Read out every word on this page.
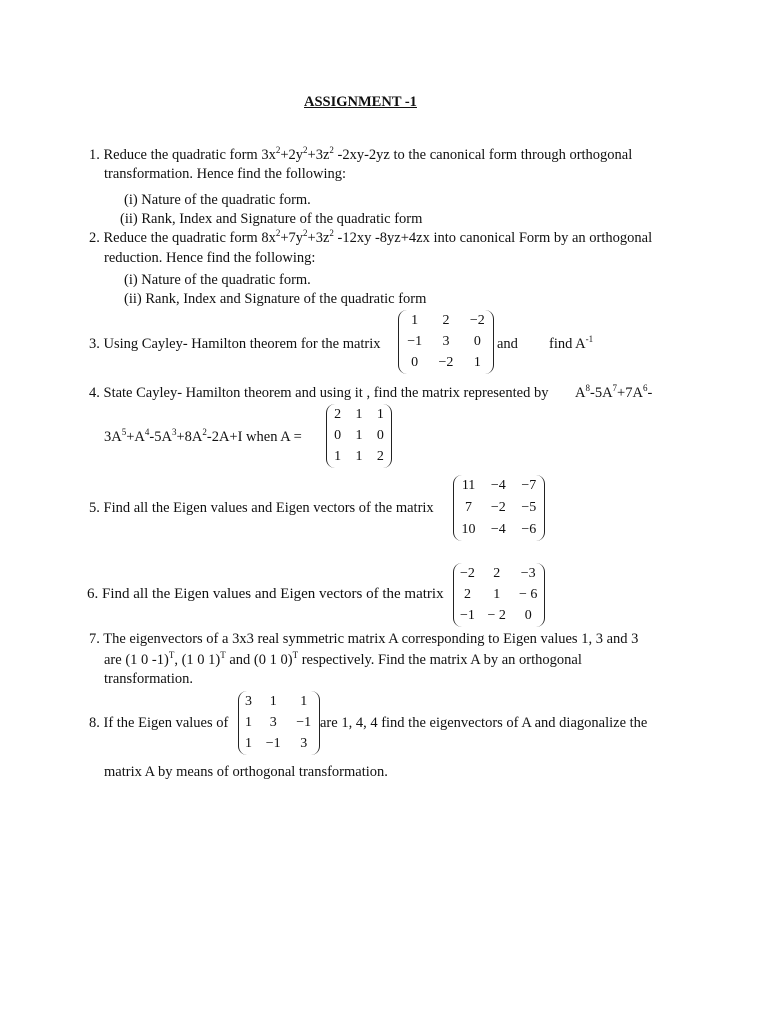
ASSIGNMENT -1
1. Reduce the quadratic form $3x^2+2y^2+3z^2$ -2xy-2yz to the canonical form through orthogonal
transformation. Hence find the following:
(i) Nature of the quadratic form.
(ii) Rank, Index and Signature of the quadratic form
2. Reduce the quadratic form $8x^2+7y^2+3z^2$ -12xy -8yz+4zx into canonical Form by an orthogonal
reduction. Hence find the following:
(i) Nature of the quadratic form.
(ii) Rank, Index and Signature of the quadratic form
3. Using Cayley- Hamilton theorem for the matrix
1	2	−2
−1	3	0
0	−2	1
and find $A^{-1}$
4. State Cayley- Hamilton theorem and using it , find the matrix represented by $A^8-5A^7+7A^6-$
$3A^5+A^4-5A^3+8A^2-2A+I$ when A =
2	1	1
0	1	0
1	1	2
5. Find all the Eigen values and Eigen vectors of the matrix
11	−4	−7
7	−2	−5
10	−4	−6
6. Find all the Eigen values and Eigen vectors of the matrix
−2	2	−3
2	1	− 6
−1	− 2	0
7. The eigenvectors of a 3x3 real symmetric matrix A corresponding to Eigen values 1, 3 and 3
are (1 0 -1)$^T$, (1 0 1)$^T$ and (0 1 0)$^T$ respectively. Find the matrix A by an orthogonal
transformation.
8. If the Eigen values of
3	1	1
1	3	−1
1	−1	3
are 1, 4, 4 find the eigenvectors of A and diagonalize the
matrix A by means of orthogonal transformation.
